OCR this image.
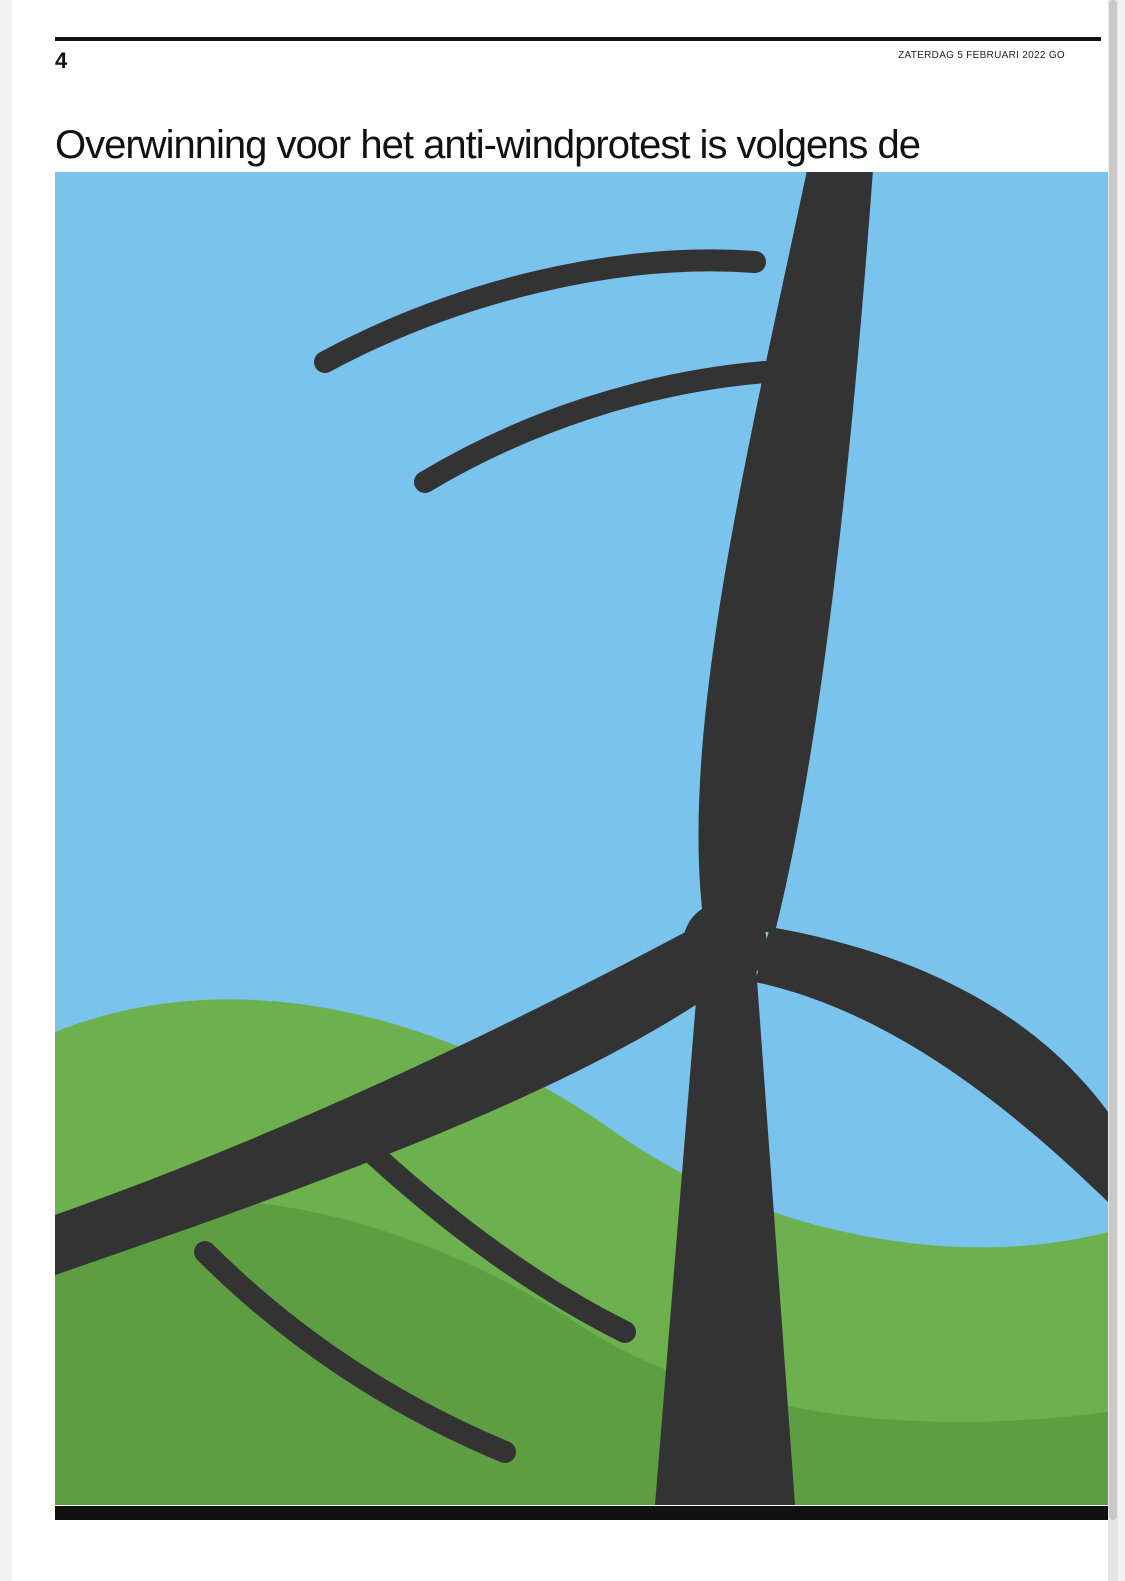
4	ZATERDAG 5 FEBRUARI 2022 GO
Overwinning voor het anti-windprotest is volgens de
